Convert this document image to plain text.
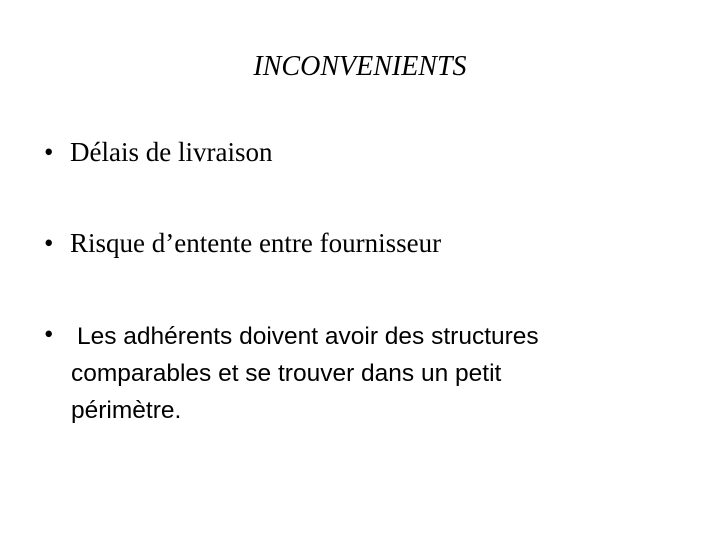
INCONVENIENTS
• Délais de livraison
• Risque d’entente entre fournisseur
• Les adhérents doivent avoir des structures
comparables et se trouver dans un petit
périmètre.
